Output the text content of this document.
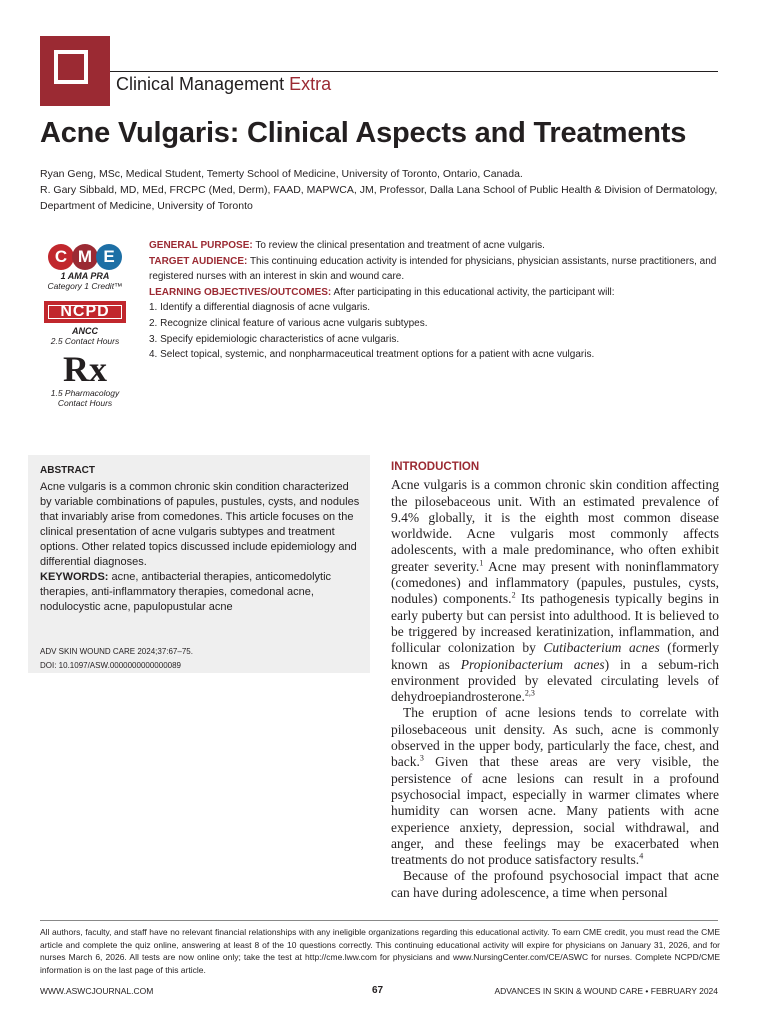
Clinical Management Extra
Acne Vulgaris: Clinical Aspects and Treatments
Ryan Geng, MSc, Medical Student, Temerty School of Medicine, University of Toronto, Ontario, Canada.
R. Gary Sibbald, MD, MEd, FRCPC (Med, Derm), FAAD, MAPWCA, JM, Professor, Dalla Lana School of Public Health & Division of Dermatology,
Department of Medicine, University of Toronto
C M E
1 AMA PRA
Category 1 Credit™
NCPD
ANCC
2.5 Contact Hours
Rx
1.5 Pharmacology
Contact Hours
GENERAL PURPOSE: To review the clinical presentation and treatment of acne vulgaris.
TARGET AUDIENCE: This continuing education activity is intended for physicians, physician assistants, nurse practitioners, and registered nurses with an interest in skin and wound care.
LEARNING OBJECTIVES/OUTCOMES: After participating in this educational activity, the participant will:
1. Identify a differential diagnosis of acne vulgaris.
2. Recognize clinical feature of various acne vulgaris subtypes.
3. Specify epidemiologic characteristics of acne vulgaris.
4. Select topical, systemic, and nonpharmaceutical treatment options for a patient with acne vulgaris.
ABSTRACT
Acne vulgaris is a common chronic skin condition characterized by variable combinations of papules, pustules, cysts, and nodules that invariably arise from comedones. This article focuses on the clinical presentation of acne vulgaris subtypes and treatment options. Other related topics discussed include epidemiology and differential diagnoses.
KEYWORDS: acne, antibacterial therapies, anticomedolytic therapies, anti-inflammatory therapies, comedonal acne, nodulocystic acne, papulopustular acne
ADV SKIN WOUND CARE 2024;37:67–75.
DOI: 10.1097/ASW.0000000000000089
INTRODUCTION

Acne vulgaris is a common chronic skin condition affecting the pilosebaceous unit. With an estimated prevalence of 9.4% globally, it is the eighth most common disease worldwide. Acne vulgaris most commonly affects adolescents, with a male predominance, who often exhibit greater severity.$^1$ Acne may present with noninflammatory (comedones) and inflammatory (papules, pustules, cysts, nodules) components.$^2$ Its pathogenesis typically begins in early puberty but can persist into adulthood. It is believed to be triggered by increased keratinization, inflammation, and follicular colonization by Cutibacterium acnes (formerly known as Propionibacterium acnes) in a sebum-rich environment provided by elevated circulating levels of dehydroepiandrosterone.$^{2,3}$

The eruption of acne lesions tends to correlate with pilosebaceous unit density. As such, acne is commonly observed in the upper body, particularly the face, chest, and back.$^3$ Given that these areas are very visible, the persistence of acne lesions can result in a profound psychosocial impact, especially in warmer climates where humidity can worsen acne. Many patients with acne experience anxiety, depression, social withdrawal, and anger, and these feelings may be exacerbated when treatments do not produce satisfactory results.$^4$

Because of the profound psychosocial impact that acne can have during adolescence, a time when personal

All authors, faculty, and staff have no relevant financial relationships with any ineligible organizations regarding this educational activity. To earn CME credit, you must read the CME article and complete the quiz online, answering at least 8 of the 10 questions correctly. This continuing educational activity will expire for physicians on January 31, 2026, and for nurses March 6, 2026. All tests are now online only; take the test at http://cme.lww.com for physicians and www.NursingCenter.com/CE/ASWC for nurses. Complete NCPD/CME information is on the last page of this article.
WWW.ASWCJOURNAL.COM	67	ADVANCES IN SKIN & WOUND CARE • FEBRUARY 2024
